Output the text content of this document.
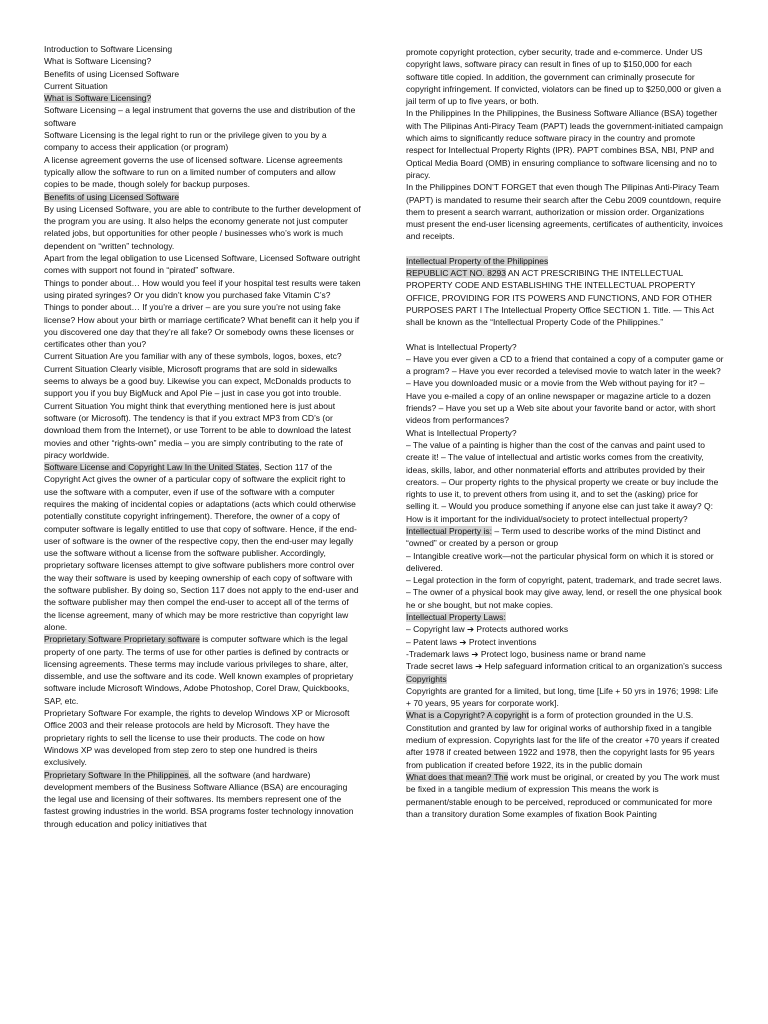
Introduction to Software Licensing

What is Software Licensing?

Benefits of using Licensed Software

Current Situation

What is Software Licensing?

Software Licensing – a legal instrument that governs the use and distribution of the software

Software Licensing is the legal right to run or the privilege given to you by a company to access their application (or program)

A license agreement governs the use of licensed software. License agreements typically allow the software to run on a limited number of computers and allow copies to be made, though solely for backup purposes.

Benefits of using Licensed Software

By using Licensed Software, you are able to contribute to the further development of the program you are using. It also helps the economy generate not just computer related jobs, but opportunities for other people / businesses who’s work is much dependent on “written” technology.

Apart from the legal obligation to use Licensed Software, Licensed Software outright comes with support not found in “pirated” software.

Things to ponder about… How would you feel if your hospital test results were taken using pirated syringes? Or you didn’t know you purchased fake Vitamin C’s?

Things to ponder about… If you’re a driver – are you sure you’re not using fake license? How about your birth or marriage certificate? What benefit can it help you if you discovered one day that they’re all fake? Or somebody owns these licenses or certificates other than you?

Current Situation Are you familiar with any of these symbols, logos, boxes, etc?

Current Situation Clearly visible, Microsoft programs that are sold in sidewalks seems to always be a good buy. Likewise you can expect, McDonalds products to support you if you buy BigMuck and Apol Pie – just in case you got into trouble.

Current Situation You might think that everything mentioned here is just about software (or Microsoft). The tendency is that if you extract MP3 from CD’s (or download them from the Internet), or use Torrent to be able to download the latest movies and other “rights-own” media – you are simply contributing to the rate of piracy worldwide.

Software License and Copyright Law In the United States, Section 117 of the Copyright Act gives the owner of a particular copy of software the explicit right to use the software with a computer, even if use of the software with a computer requires the making of incidental copies or adaptations (acts which could otherwise potentially constitute copyright infringement). Therefore, the owner of a copy of computer software is legally entitled to use that copy of software. Hence, if the end-user of software is the owner of the respective copy, then the end-user may legally use the software without a license from the software publisher. Accordingly, proprietary software licenses attempt to give software publishers more control over the way their software is used by keeping ownership of each copy of software with the software publisher. By doing so, Section 117 does not apply to the end-user and the software publisher may then compel the end-user to accept all of the terms of the license agreement, many of which may be more restrictive than copyright law alone.

Proprietary Software Proprietary software is computer software which is the legal property of one party. The terms of use for other parties is defined by contracts or licensing agreements. These terms may include various privileges to share, alter, dissemble, and use the software and its code. Well known examples of proprietary software include Microsoft Windows, Adobe Photoshop, Corel Draw, Quickbooks, SAP, etc.

Proprietary Software For example, the rights to develop Windows XP or Microsoft Office 2003 and their release protocols are held by Microsoft. They have the proprietary rights to sell the license to use their products. The code on how Windows XP was developed from step zero to step one hundred is theirs exclusively.

Proprietary Software In the Philippines, all the software (and hardware) development members of the Business Software Alliance (BSA) are encouraging the legal use and licensing of their softwares. Its members represent one of the fastest growing industries in the world. BSA programs foster technology innovation through education and policy initiatives that

promote copyright protection, cyber security, trade and e-commerce. Under US copyright laws, software piracy can result in fines of up to $150,000 for each software title copied. In addition, the government can criminally prosecute for copyright infringement. If convicted, violators can be fined up to $250,000 or given a jail term of up to five years, or both.

In the Philippines In the Philippines, the Business Software Alliance (BSA) together with The Pilipinas Anti-Piracy Team (PAPT) leads the government-initiated campaign which aims to significantly reduce software piracy in the country and promote respect for Intellectual Property Rights (IPR). PAPT combines BSA, NBI, PNP and Optical Media Board (OMB) in ensuring compliance to software licensing and no to piracy.

In the Philippines DON’T FORGET that even though The Pilipinas Anti-Piracy Team (PAPT) is mandated to resume their search after the Cebu 2009 countdown, require them to present a search warrant, authorization or mission order. Organizations must present the end-user licensing agreements, certificates of authenticity, invoices and receipts.

Intellectual Property of the Philippines

REPUBLIC ACT NO. 8293 AN ACT PRESCRIBING THE INTELLECTUAL PROPERTY CODE AND ESTABLISHING THE INTELLECTUAL PROPERTY OFFICE, PROVIDING FOR ITS POWERS AND FUNCTIONS, AND FOR OTHER PURPOSES PART I The Intellectual Property Office SECTION 1. Title. — This Act shall be known as the “Intellectual Property Code of the Philippines.”

What is Intellectual Property?

– Have you ever given a CD to a friend that contained a copy of a computer game or a program? – Have you ever recorded a televised movie to watch later in the week? – Have you downloaded music or a movie from the Web without paying for it? – Have you e-mailed a copy of an online newspaper or magazine article to a dozen friends? – Have you set up a Web site about your favorite band or actor, with short videos from performances?

What is Intellectual Property?

– The value of a painting is higher than the cost of the canvas and paint used to create it! – The value of intellectual and artistic works comes from the creativity, ideas, skills, labor, and other nonmaterial efforts and attributes provided by their creators. – Our property rights to the physical property we create or buy include the rights to use it, to prevent others from using it, and to set the (asking) price for selling it. – Would you produce something if anyone else can just take it away? Q: How is it important for the individual/society to protect intellectual property?

Intellectual Property is: – Term used to describe works of the mind Distinct and “owned” or created by a person or group

– Intangible creative work—not the particular physical form on which it is stored or delivered.

– Legal protection in the form of copyright, patent, trademark, and trade secret laws.

– The owner of a physical book may give away, lend, or resell the one physical book he or she bought, but not make copies.

Intellectual Property Laws:

– Copyright law ➔ Protects authored works

– Patent laws ➔ Protect inventions

-Trademark laws ➔ Protect logo, business name or brand name

Trade secret laws ➔ Help safeguard information critical to an organization’s success

Copyrights

Copyrights are granted for a limited, but long, time [Life + 50 yrs in 1976; 1998: Life + 70 years, 95 years for corporate work].

What is a Copyright? A copyright is a form of protection grounded in the U.S. Constitution and granted by law for original works of authorship fixed in a tangible medium of expression. Copyrights last for the life of the creator +70 years if created after 1978 if created between 1922 and 1978, then the copyright lasts for 95 years from publication if created before 1922, its in the public domain

What does that mean? The work must be original, or created by you The work must be fixed in a tangible medium of expression This means the work is permanent/stable enough to be perceived, reproduced or communicated for more than a transitory duration Some examples of fixation Book Painting
